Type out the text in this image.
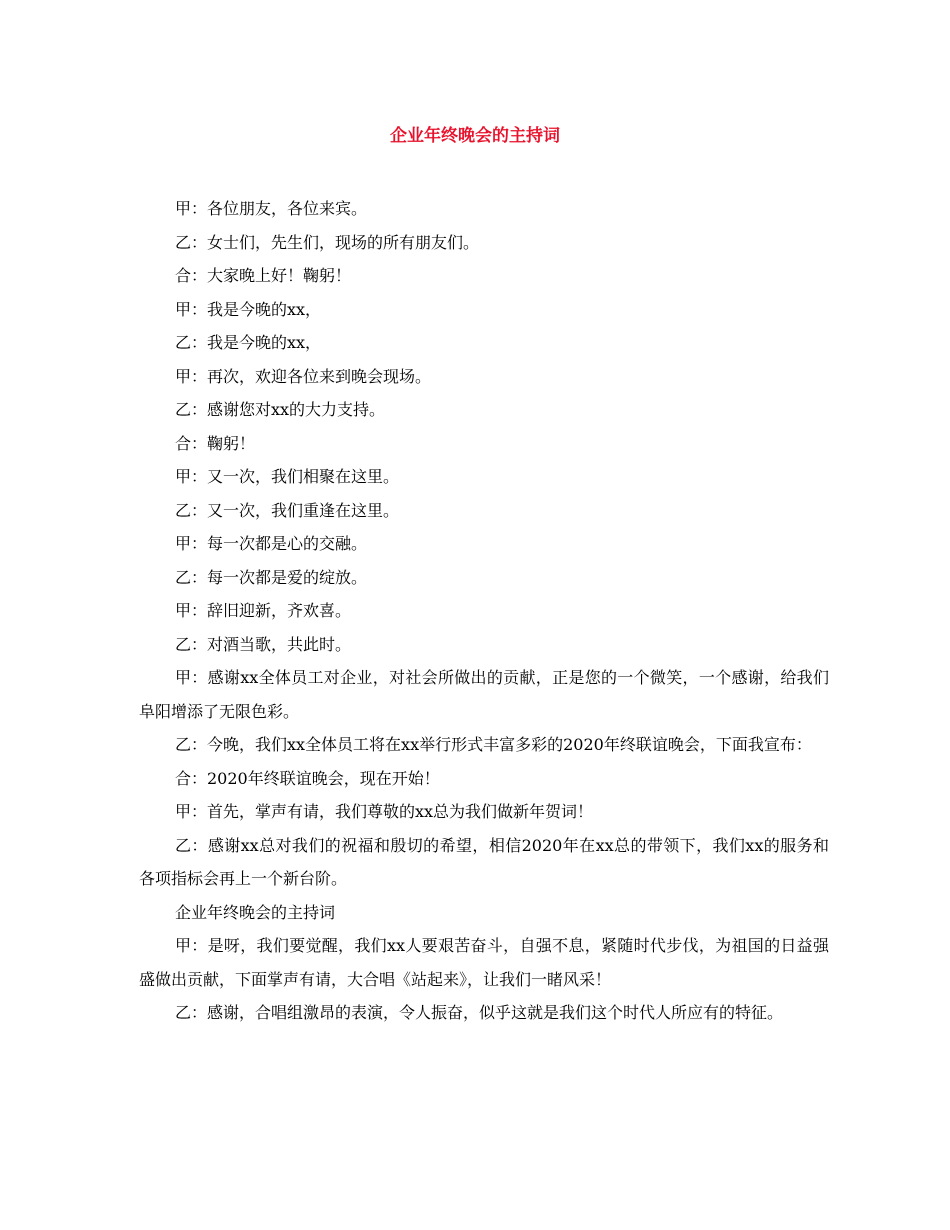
企业年终晚会的主持词

甲：各位朋友，各位来宾。

乙：女士们，先生们，现场的所有朋友们。

合：大家晚上好！鞠躬！

甲：我是今晚的xx，

乙：我是今晚的xx，

甲：再次，欢迎各位来到晚会现场。

乙：感谢您对xx的大力支持。

合：鞠躬！

甲：又一次，我们相聚在这里。

乙：又一次，我们重逢在这里。

甲：每一次都是心的交融。

乙：每一次都是爱的绽放。

甲：辞旧迎新，齐欢喜。

乙：对酒当歌，共此时。

甲：感谢xx全体员工对企业，对社会所做出的贡献，正是您的一个微笑，一个感谢，给我们阜阳增添了无限色彩。

乙：今晚，我们xx全体员工将在xx举行形式丰富多彩的2020年终联谊晚会，下面我宣布：

合：2020年终联谊晚会，现在开始！

甲：首先，掌声有请，我们尊敬的xx总为我们做新年贺词！

乙：感谢xx总对我们的祝福和殷切的希望，相信2020年在xx总的带领下，我们xx的服务和各项指标会再上一个新台阶。

企业年终晚会的主持词

甲：是呀，我们要觉醒，我们xx人要艰苦奋斗，自强不息，紧随时代步伐，为祖国的日益强盛做出贡献，下面掌声有请，大合唱《站起来》，让我们一睹风采！

乙：感谢，合唱组激昂的表演，令人振奋，似乎这就是我们这个时代人所应有的特征。
